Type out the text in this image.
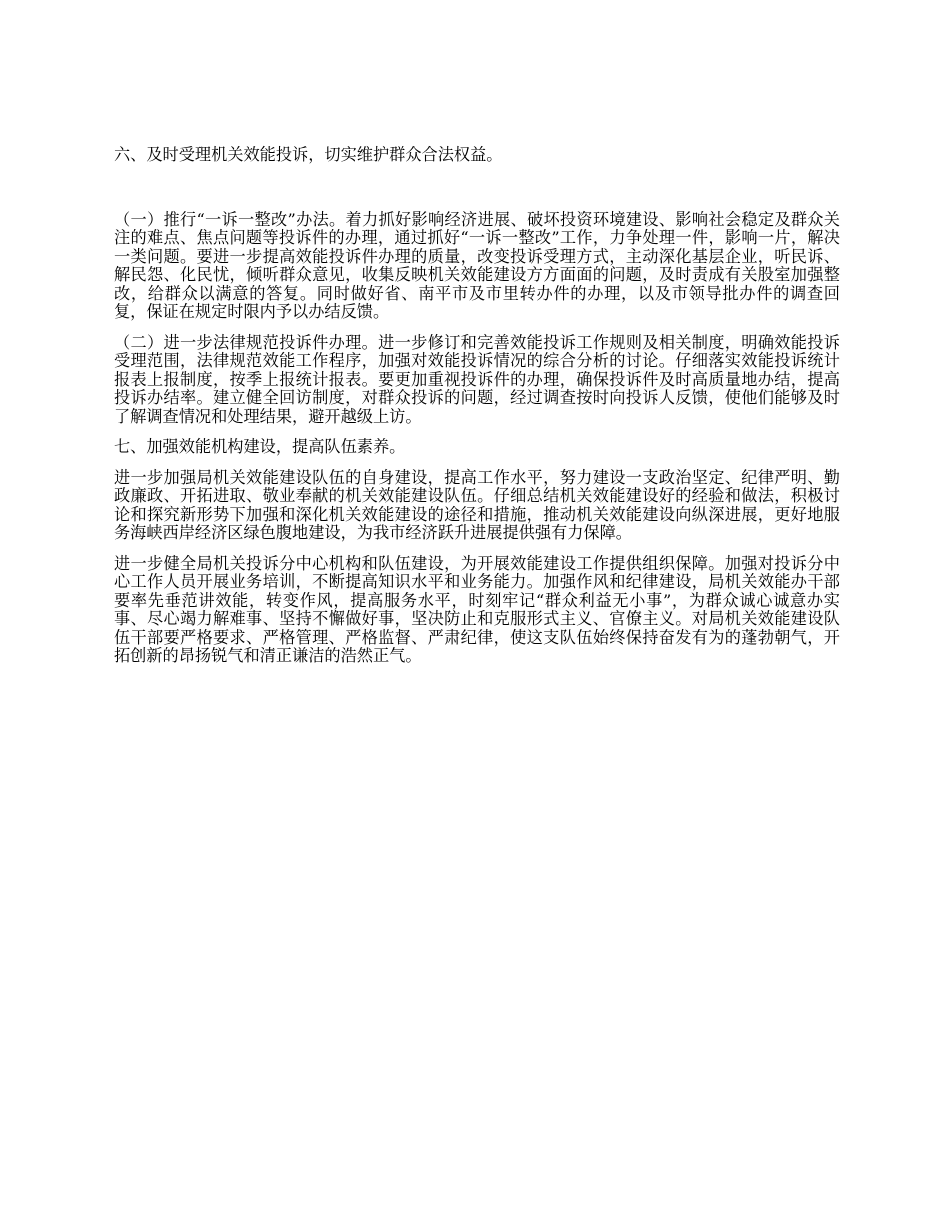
六、及时受理机关效能投诉，切实维护群众合法权益。

（一）推行“一诉一整改”办法。着力抓好影响经济进展、破坏投资环境建设、影响社会稳定及群众关注的难点、焦点问题等投诉件的办理，通过抓好“一诉一整改”工作，力争处理一件，影响一片，解决一类问题。要进一步提高效能投诉件办理的质量，改变投诉受理方式，主动深化基层企业，听民诉、解民怨、化民忧，倾听群众意见，收集反映机关效能建设方方面面的问题，及时责成有关股室加强整改，给群众以满意的答复。同时做好省、南平市及市里转办件的办理，以及市领导批办件的调查回复，保证在规定时限内予以办结反馈。

（二）进一步法律规范投诉件办理。进一步修订和完善效能投诉工作规则及相关制度，明确效能投诉受理范围，法律规范效能工作程序，加强对效能投诉情况的综合分析的讨论。仔细落实效能投诉统计报表上报制度，按季上报统计报表。要更加重视投诉件的办理，确保投诉件及时高质量地办结，提高投诉办结率。建立健全回访制度，对群众投诉的问题，经过调查按时向投诉人反馈，使他们能够及时了解调查情况和处理结果，避开越级上访。

七、加强效能机构建设，提高队伍素养。

进一步加强局机关效能建设队伍的自身建设，提高工作水平，努力建设一支政治坚定、纪律严明、勤政廉政、开拓进取、敬业奉献的机关效能建设队伍。仔细总结机关效能建设好的经验和做法，积极讨论和探究新形势下加强和深化机关效能建设的途径和措施，推动机关效能建设向纵深进展，更好地服务海峡西岸经济区绿色腹地建设，为我市经济跃升进展提供强有力保障。

进一步健全局机关投诉分中心机构和队伍建设，为开展效能建设工作提供组织保障。加强对投诉分中心工作人员开展业务培训，不断提高知识水平和业务能力。加强作风和纪律建设，局机关效能办干部要率先垂范讲效能，转变作风，提高服务水平，时刻牢记“群众利益无小事”，为群众诚心诚意办实事、尽心竭力解难事、坚持不懈做好事，坚决防止和克服形式主义、官僚主义。对局机关效能建设队伍干部要严格要求、严格管理、严格监督、严肃纪律，使这支队伍始终保持奋发有为的蓬勃朝气，开拓创新的昂扬锐气和清正谦洁的浩然正气。
